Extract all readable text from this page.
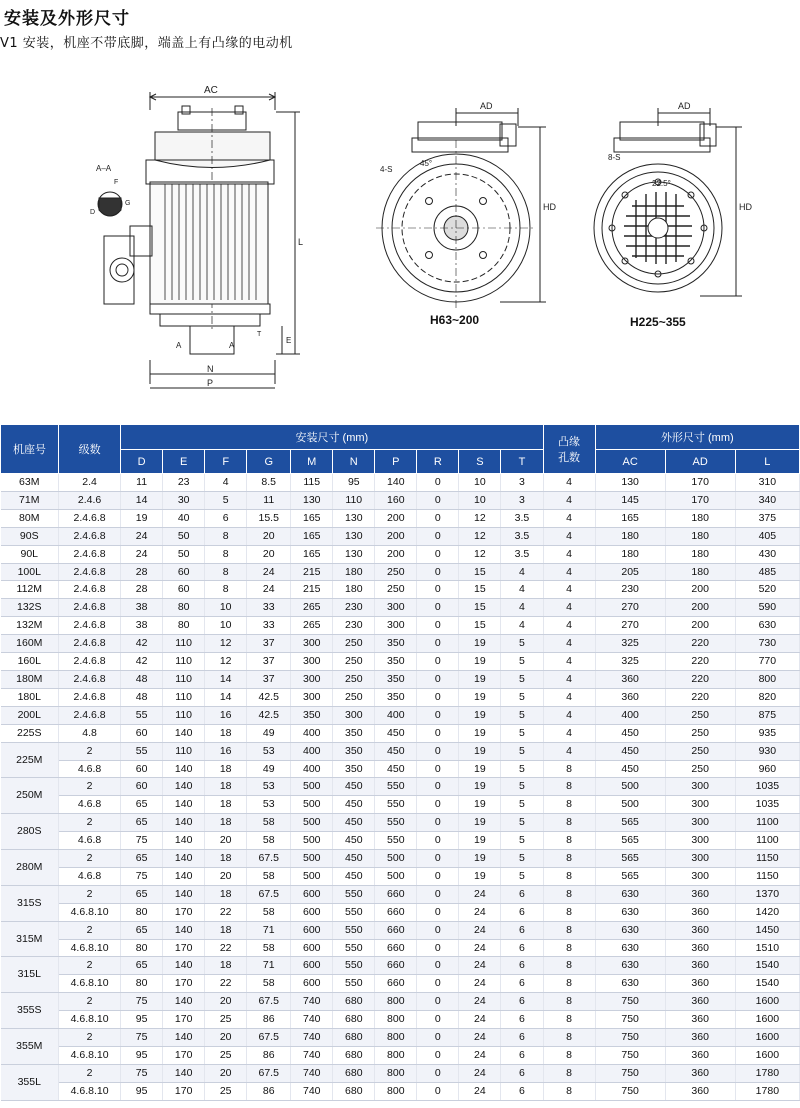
安装及外形尺寸
V1 安装，机座不带底脚，端盖上有凸缘的电动机
AC
N
P
L
E
T
A	A
A–A
F
G
D
AD
4-S
45°
HD
H63~200
AD
8-S
22.5°
HD
H225~355
机座号	级数	安装尺寸 (mm)										凸缘
孔数	外形尺寸 (mm)		
		D	E	F	G	M	N	P	R	S	T		AC	AD	L
63M	2.4	11	23	4	8.5	115	95	140	0	10	3	4	130	170	310
71M	2.4.6	14	30	5	11	130	110	160	0	10	3	4	145	170	340
80M	2.4.6.8	19	40	6	15.5	165	130	200	0	12	3.5	4	165	180	375
90S	2.4.6.8	24	50	8	20	165	130	200	0	12	3.5	4	180	180	405
90L	2.4.6.8	24	50	8	20	165	130	200	0	12	3.5	4	180	180	430
100L	2.4.6.8	28	60	8	24	215	180	250	0	15	4	4	205	180	485
112M	2.4.6.8	28	60	8	24	215	180	250	0	15	4	4	230	200	520
132S	2.4.6.8	38	80	10	33	265	230	300	0	15	4	4	270	200	590
132M	2.4.6.8	38	80	10	33	265	230	300	0	15	4	4	270	200	630
160M	2.4.6.8	42	110	12	37	300	250	350	0	19	5	4	325	220	730
160L	2.4.6.8	42	110	12	37	300	250	350	0	19	5	4	325	220	770
180M	2.4.6.8	48	110	14	37	300	250	350	0	19	5	4	360	220	800
180L	2.4.6.8	48	110	14	42.5	300	250	350	0	19	5	4	360	220	820
200L	2.4.6.8	55	110	16	42.5	350	300	400	0	19	5	4	400	250	875
225S	4.8	60	140	18	49	400	350	450	0	19	5	4	450	250	935
225M	2	55	110	16	53	400	350	450	0	19	5	4	450	250	930
	4.6.8	60	140	18	49	400	350	450	0	19	5	8	450	250	960
250M	2	60	140	18	53	500	450	550	0	19	5	8	500	300	1035
	4.6.8	65	140	18	53	500	450	550	0	19	5	8	500	300	1035
280S	2	65	140	18	58	500	450	550	0	19	5	8	565	300	1100
	4.6.8	75	140	20	58	500	450	550	0	19	5	8	565	300	1100
280M	2	65	140	18	67.5	500	450	500	0	19	5	8	565	300	1150
	4.6.8	75	140	20	58	500	450	500	0	19	5	8	565	300	1150
315S	2	65	140	18	67.5	600	550	660	0	24	6	8	630	360	1370
	4.6.8.10	80	170	22	58	600	550	660	0	24	6	8	630	360	1420
315M	2	65	140	18	71	600	550	660	0	24	6	8	630	360	1450
	4.6.8.10	80	170	22	58	600	550	660	0	24	6	8	630	360	1510
315L	2	65	140	18	71	600	550	660	0	24	6	8	630	360	1540
	4.6.8.10	80	170	22	58	600	550	660	0	24	6	8	630	360	1540
355S	2	75	140	20	67.5	740	680	800	0	24	6	8	750	360	1600
	4.6.8.10	95	170	25	86	740	680	800	0	24	6	8	750	360	1600
355M	2	75	140	20	67.5	740	680	800	0	24	6	8	750	360	1600
	4.6.8.10	95	170	25	86	740	680	800	0	24	6	8	750	360	1600
355L	2	75	140	20	67.5	740	680	800	0	24	6	8	750	360	1780
	4.6.8.10	95	170	25	86	740	680	800	0	24	6	8	750	360	1780
